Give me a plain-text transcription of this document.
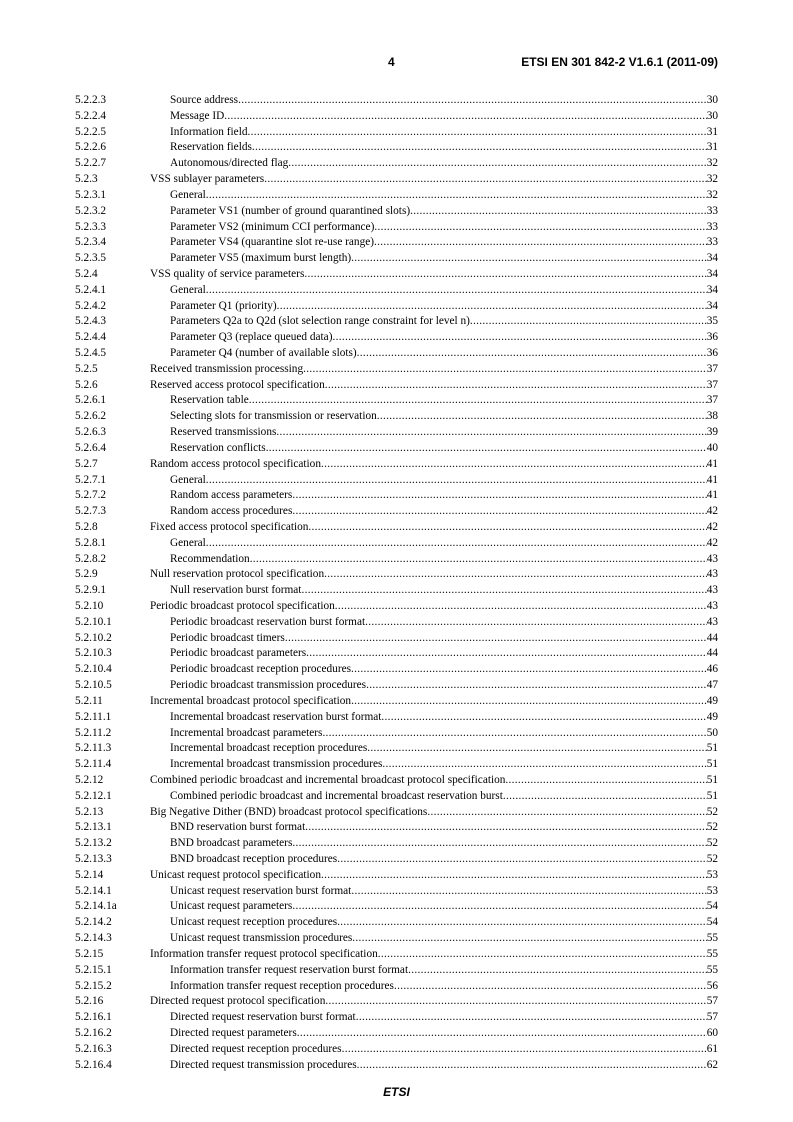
4	ETSI EN 301 842-2 V1.6.1 (2011-09)
5.2.2.3	Source address .....	30
5.2.2.4	Message ID .....	30
5.2.2.5	Information field .....	31
5.2.2.6	Reservation fields .....	31
5.2.2.7	Autonomous/directed flag .....	32
5.2.3	VSS sublayer parameters .....	32
5.2.3.1	General .....	32
5.2.3.2	Parameter VS1 (number of ground quarantined slots) .....	33
5.2.3.3	Parameter VS2 (minimum CCI performance) .....	33
5.2.3.4	Parameter VS4 (quarantine slot re-use range) .....	33
5.2.3.5	Parameter VS5 (maximum burst length) .....	34
5.2.4	VSS quality of service parameters .....	34
5.2.4.1	General .....	34
5.2.4.2	Parameter Q1 (priority) .....	34
5.2.4.3	Parameters Q2a to Q2d (slot selection range constraint for level n) .....	35
5.2.4.4	Parameter Q3 (replace queued data) .....	36
5.2.4.5	Parameter Q4 (number of available slots) .....	36
5.2.5	Received transmission processing .....	37
5.2.6	Reserved access protocol specification .....	37
5.2.6.1	Reservation table .....	37
5.2.6.2	Selecting slots for transmission or reservation .....	38
5.2.6.3	Reserved transmissions .....	39
5.2.6.4	Reservation conflicts .....	40
5.2.7	Random access protocol specification .....	41
5.2.7.1	General .....	41
5.2.7.2	Random access parameters .....	41
5.2.7.3	Random access procedures .....	42
5.2.8	Fixed access protocol specification .....	42
5.2.8.1	General .....	42
5.2.8.2	Recommendation .....	43
5.2.9	Null reservation protocol specification .....	43
5.2.9.1	Null reservation burst format .....	43
5.2.10	Periodic broadcast protocol specification .....	43
5.2.10.1	Periodic broadcast reservation burst format .....	43
5.2.10.2	Periodic broadcast timers .....	44
5.2.10.3	Periodic broadcast parameters .....	44
5.2.10.4	Periodic broadcast reception procedures .....	46
5.2.10.5	Periodic broadcast transmission procedures .....	47
5.2.11	Incremental broadcast protocol specification .....	49
5.2.11.1	Incremental broadcast reservation burst format .....	49
5.2.11.2	Incremental broadcast parameters .....	50
5.2.11.3	Incremental broadcast reception procedures .....	51
5.2.11.4	Incremental broadcast transmission procedures .....	51
5.2.12	Combined periodic broadcast and incremental broadcast protocol specification .....	51
5.2.12.1	Combined periodic broadcast and incremental broadcast reservation burst .....	51
5.2.13	Big Negative Dither (BND) broadcast protocol specifications .....	52
5.2.13.1	BND reservation burst format .....	52
5.2.13.2	BND broadcast parameters .....	52
5.2.13.3	BND broadcast reception procedures .....	52
5.2.14	Unicast request protocol specification .....	53
5.2.14.1	Unicast request reservation burst format .....	53
5.2.14.1a	Unicast request parameters .....	54
5.2.14.2	Unicast request reception procedures .....	54
5.2.14.3	Unicast request transmission procedures .....	55
5.2.15	Information transfer request protocol specification .....	55
5.2.15.1	Information transfer request reservation burst format .....	55
5.2.15.2	Information transfer request reception procedures .....	56
5.2.16	Directed request protocol specification .....	57
5.2.16.1	Directed request reservation burst format .....	57
5.2.16.2	Directed request parameters .....	60
5.2.16.3	Directed request reception procedures .....	61
5.2.16.4	Directed request transmission procedures .....	62
ETSI
